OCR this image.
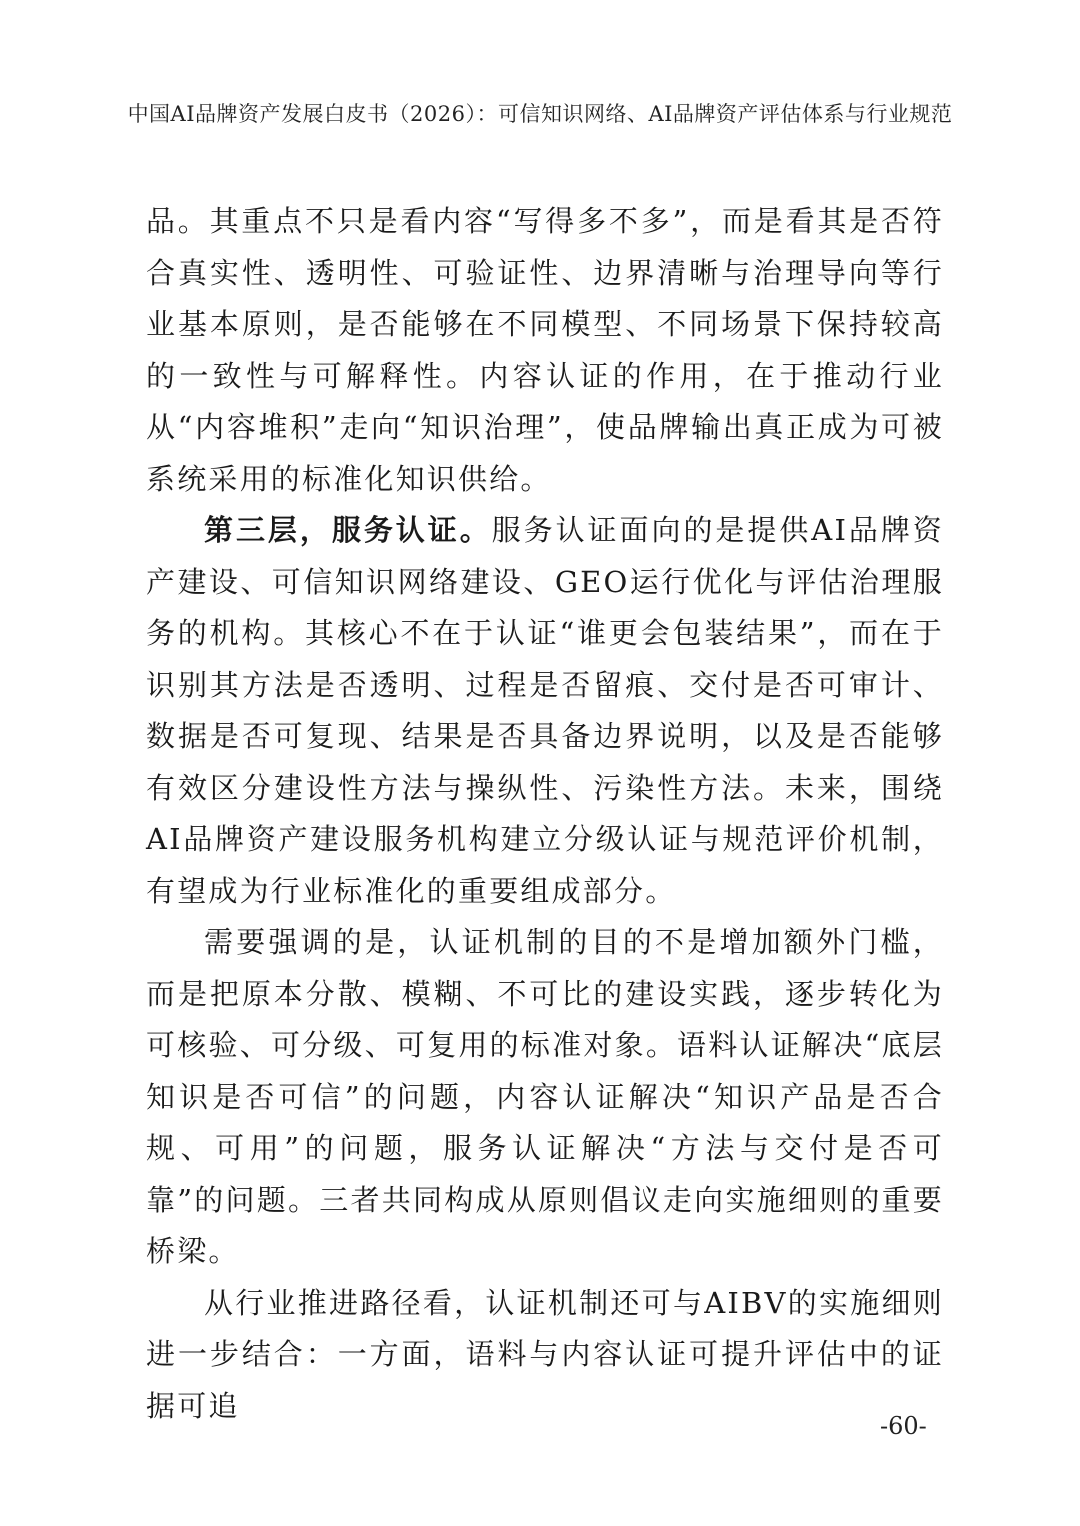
中国AI品牌资产发展白皮书（2026）：可信知识网络、AI品牌资产评估体系与行业规范

品。其重点不只是看内容“写得多不多”，而是看其是否符合真实性、透明性、可验证性、边界清晰与治理导向等行业基本原则，是否能够在不同模型、不同场景下保持较高的一致性与可解释性。内容认证的作用，在于推动行业从“内容堆积”走向“知识治理”，使品牌输出真正成为可被系统采用的标准化知识供给。

第三层，服务认证。服务认证面向的是提供AI品牌资产建设、可信知识网络建设、GEO运行优化与评估治理服务的机构。其核心不在于认证“谁更会包装结果”，而在于识别其方法是否透明、过程是否留痕、交付是否可审计、数据是否可复现、结果是否具备边界说明，以及是否能够有效区分建设性方法与操纵性、污染性方法。未来，围绕AI品牌资产建设服务机构建立分级认证与规范评价机制，有望成为行业标准化的重要组成部分。

需要强调的是，认证机制的目的不是增加额外门槛，而是把原本分散、模糊、不可比的建设实践，逐步转化为可核验、可分级、可复用的标准对象。语料认证解决“底层知识是否可信”的问题，内容认证解决“知识产品是否合规、可用”的问题，服务认证解决“方法与交付是否可靠”的问题。三者共同构成从原则倡议走向实施细则的重要桥梁。

从行业推进路径看，认证机制还可与AIBV的实施细则进一步结合：一方面，语料与内容认证可提升评估中的证据可追

-60-
